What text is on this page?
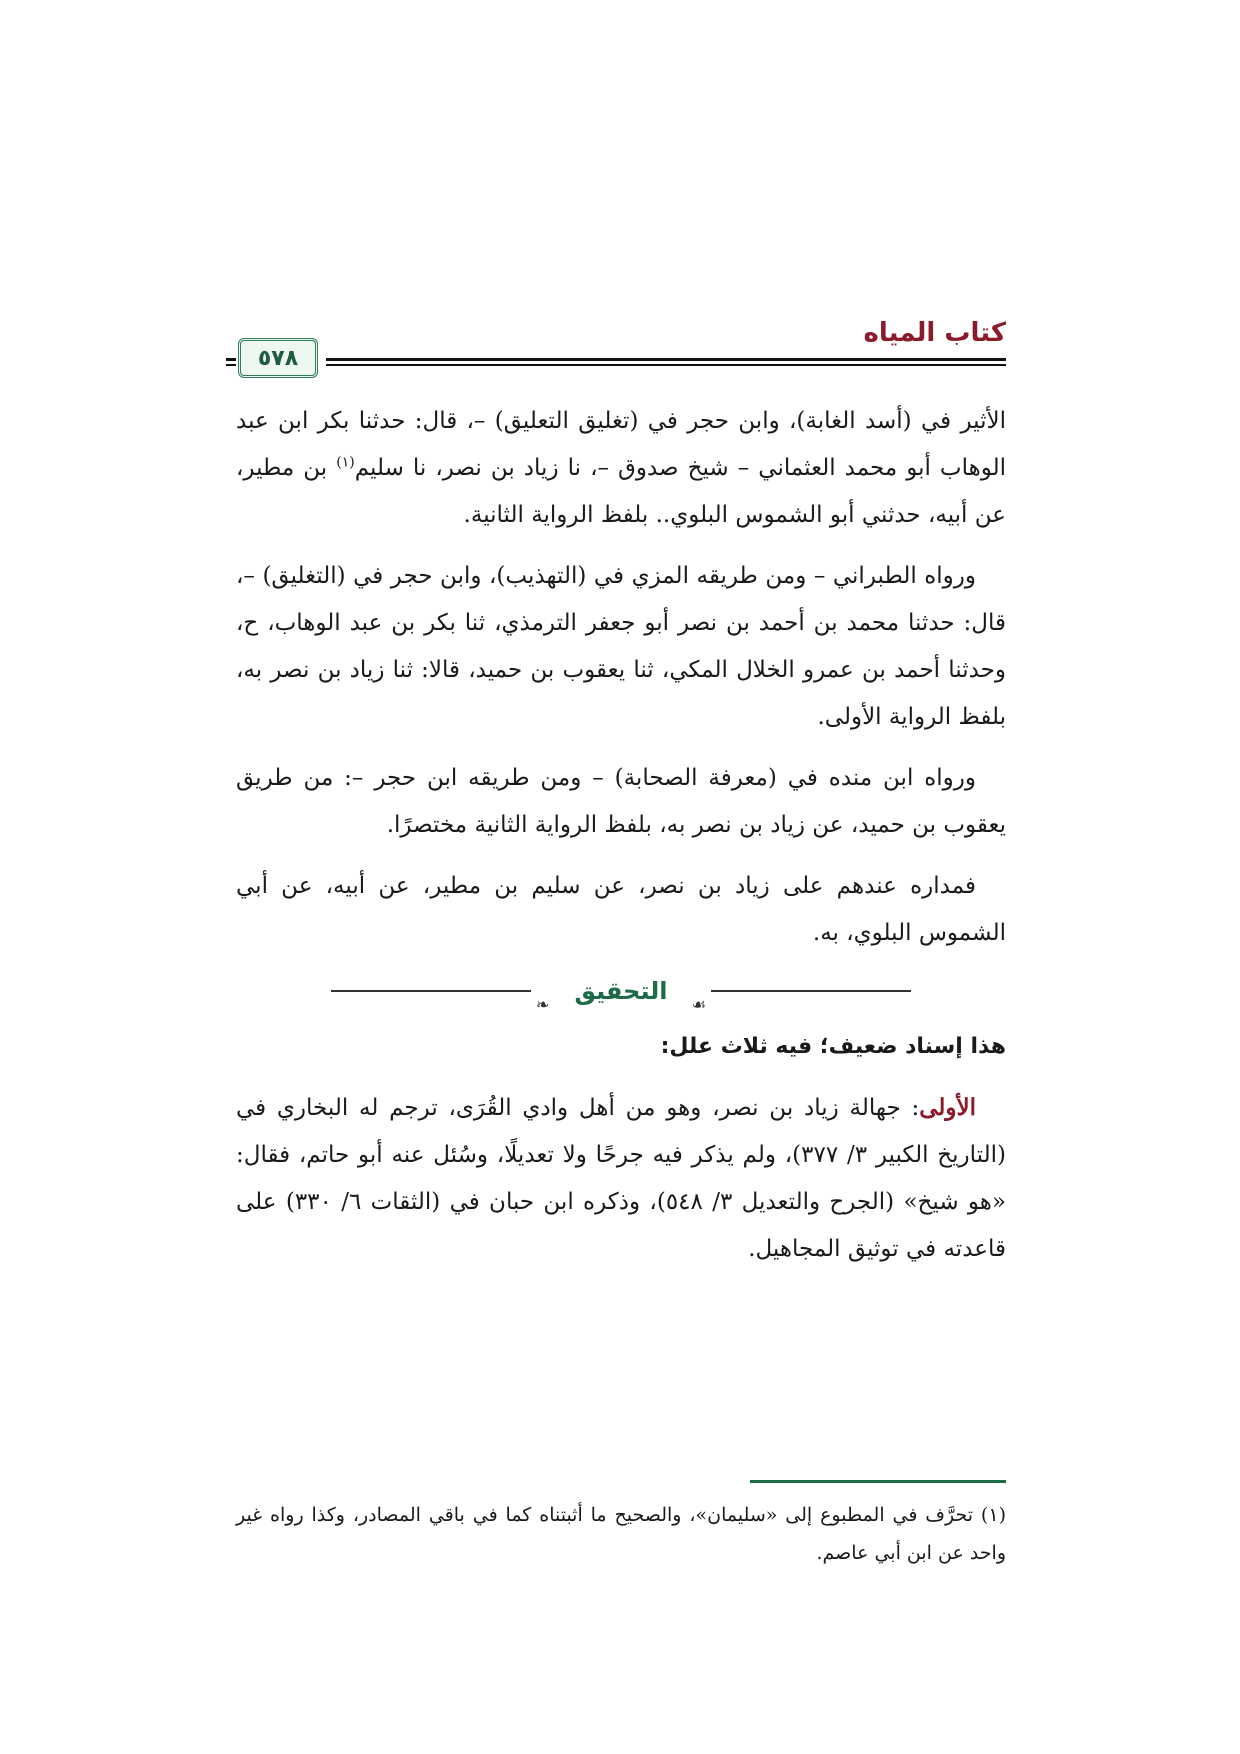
كتاب المياه
٥٧٨

الأثير في (أسد الغابة)، وابن حجر في (تغليق التعليق) –، قال: حدثنا بكر ابن عبد الوهاب أبو محمد العثماني – شيخ صدوق –، نا زياد بن نصر، نا سليم$^{(١)}$ بن مطير، عن أبيه، حدثني أبو الشموس البلوي.. بلفظ الرواية الثانية.

ورواه الطبراني – ومن طريقه المزي في (التهذيب)، وابن حجر في (التغليق) –، قال: حدثنا محمد بن أحمد بن نصر أبو جعفر الترمذي، ثنا بكر بن عبد الوهاب، ح، وحدثنا أحمد بن عمرو الخلال المكي، ثنا يعقوب بن حميد، قالا: ثنا زياد بن نصر به، بلفظ الرواية الأولى.

ورواه ابن منده في (معرفة الصحابة) – ومن طريقه ابن حجر –: من طريق يعقوب بن حميد، عن زياد بن نصر به، بلفظ الرواية الثانية مختصرًا.

فمداره عندهم على زياد بن نصر، عن سليم بن مطير، عن أبيه، عن أبي الشموس البلوي، به.

❧	☙
التحقيق

هذا إسناد ضعيف؛ فيه ثلاث علل:

الأولى: جهالة زياد بن نصر، وهو من أهل وادي القُرَى، ترجم له البخاري في (التاريخ الكبير ٣/ ٣٧٧)، ولم يذكر فيه جرحًا ولا تعديلًا، وسُئل عنه أبو حاتم، فقال: «هو شيخ» (الجرح والتعديل ٣/ ٥٤٨)، وذكره ابن حبان في (الثقات ٦/ ٣٣٠) على قاعدته في توثيق المجاهيل.

(١) تحرَّف في المطبوع إلى «سليمان»، والصحيح ما أثبتناه كما في باقي المصادر، وكذا رواه غير واحد عن ابن أبي عاصم.
